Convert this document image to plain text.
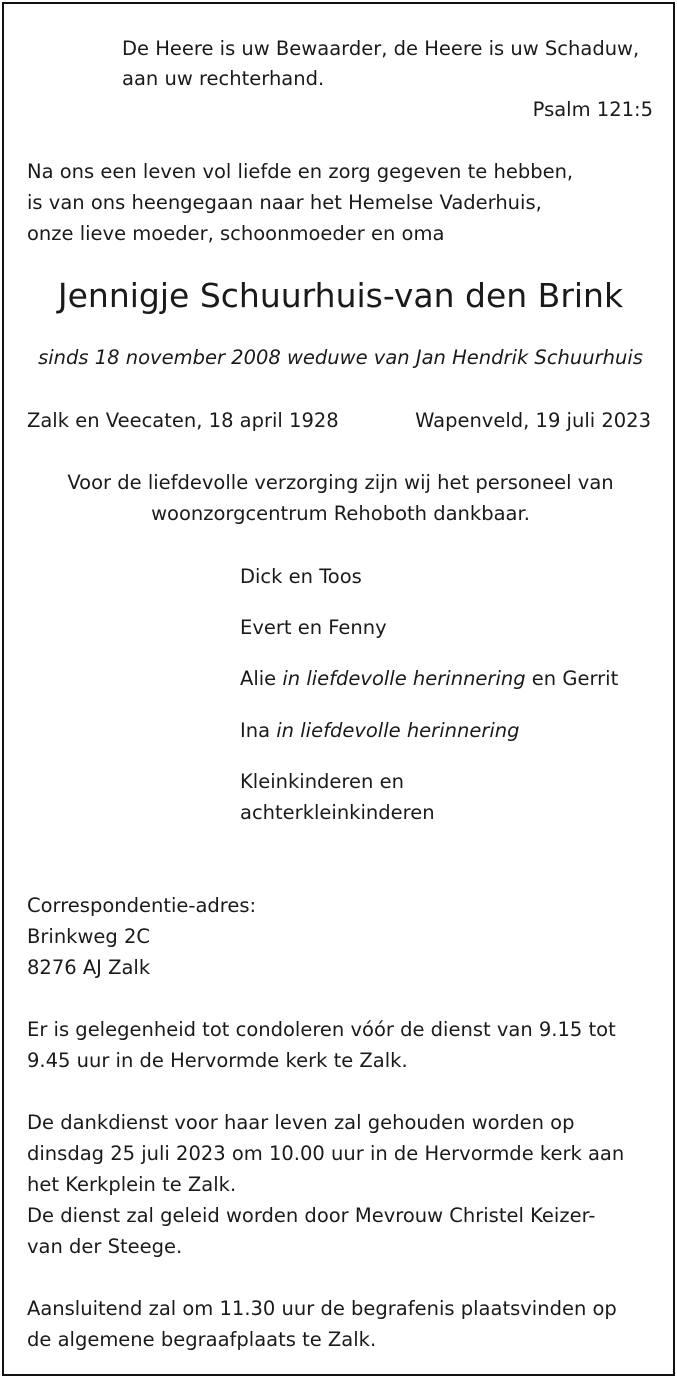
De Heere is uw Bewaarder, de Heere is uw Schaduw,

aan uw rechterhand.

Psalm 121:5

Na ons een leven vol liefde en zorg gegeven te hebben,

is van ons heengegaan naar het Hemelse Vaderhuis,

onze lieve moeder, schoonmoeder en oma

Jennigje Schuurhuis-van den Brink

sinds 18 november 2008 weduwe van Jan Hendrik Schuurhuis

Zalk en Veecaten, 18 april 1928	Wapenveld, 19 juli 2023

Voor de liefdevolle verzorging zijn wij het personeel van

woonzorgcentrum Rehoboth dankbaar.

Dick en Toos

Evert en Fenny

Alie in liefdevolle herinnering en Gerrit

Ina in liefdevolle herinnering

Kleinkinderen en

achterkleinkinderen

Correspondentie-adres:

Brinkweg 2C

8276 AJ Zalk

Er is gelegenheid tot condoleren vóór de dienst van 9.15 tot

9.45 uur in de Hervormde kerk te Zalk.

De dankdienst voor haar leven zal gehouden worden op

dinsdag 25 juli 2023 om 10.00 uur in de Hervormde kerk aan

het Kerkplein te Zalk.

De dienst zal geleid worden door Mevrouw Christel Keizer-

van der Steege.

Aansluitend zal om 11.30 uur de begrafenis plaatsvinden op

de algemene begraafplaats te Zalk.
